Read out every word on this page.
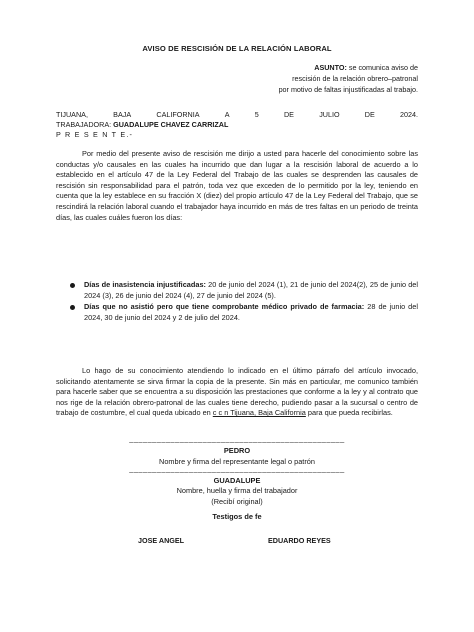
AVISO DE RESCISIÓN DE LA RELACIÓN LABORAL
ASUNTO: se comunica aviso de
rescisión de la relación obrero–patronal
por motivo de faltas injustificadas al trabajo.
TIJUANA,	BAJA	CALIFORNIA	A	5	DE	JULIO	DE	2024.
TRABAJADORA: GUADALUPE CHAVEZ CARRIZAL
P R E S E N T E.-
Por medio del presente aviso de rescisión me dirijo a usted para hacerle del conocimiento sobre las conductas y/o causales en las cuales ha incurrido que dan lugar a la rescisión laboral de acuerdo a lo establecido en el artículo 47 de la Ley Federal del Trabajo de las cuales se desprenden las causales de rescisión sin responsabilidad para el patrón, toda vez que exceden de lo permitido por la ley, teniendo en cuenta que la ley establece en su fracción X (diez) del propio artículo 47 de la Ley Federal del Trabajo, que se rescindirá la relación laboral cuando el trabajador haya incurrido en más de tres faltas en un periodo de treinta días, las cuales cuáles fueron los días:
Días de inasistencia injustificadas: 20 de junio del 2024 (1), 21 de junio del 2024(2), 25 de junio del 2024 (3), 26 de junio del 2024 (4), 27 de junio del 2024 (5).
Días que no asistió pero que tiene comprobante médico privado de farmacia: 28 de junio del 2024, 30 de junio del 2024 y 2 de julio del 2024.
Lo hago de su conocimiento atendiendo lo indicado en el último párrafo del artículo invocado, solicitando atentamente se sirva firmar la copia de la presente. Sin más en particular, me comunico también para hacerle saber que se encuentra a su disposición las prestaciones que conforme a la ley y al contrato que nos rige de la relación obrero-patronal de las cuales tiene derecho, pudiendo pasar a la sucursal o centro de trabajo de costumbre, el cual queda ubicado en c c n Tijuana, Baja California para que pueda recibirlas.
_______________________________________________
PEDRO
Nombre y firma del representante legal o patrón
_______________________________________________
GUADALUPE
Nombre, huella y firma del trabajador
(Recibí original)
Testigos de fe
JOSE ANGEL	EDUARDO REYES
